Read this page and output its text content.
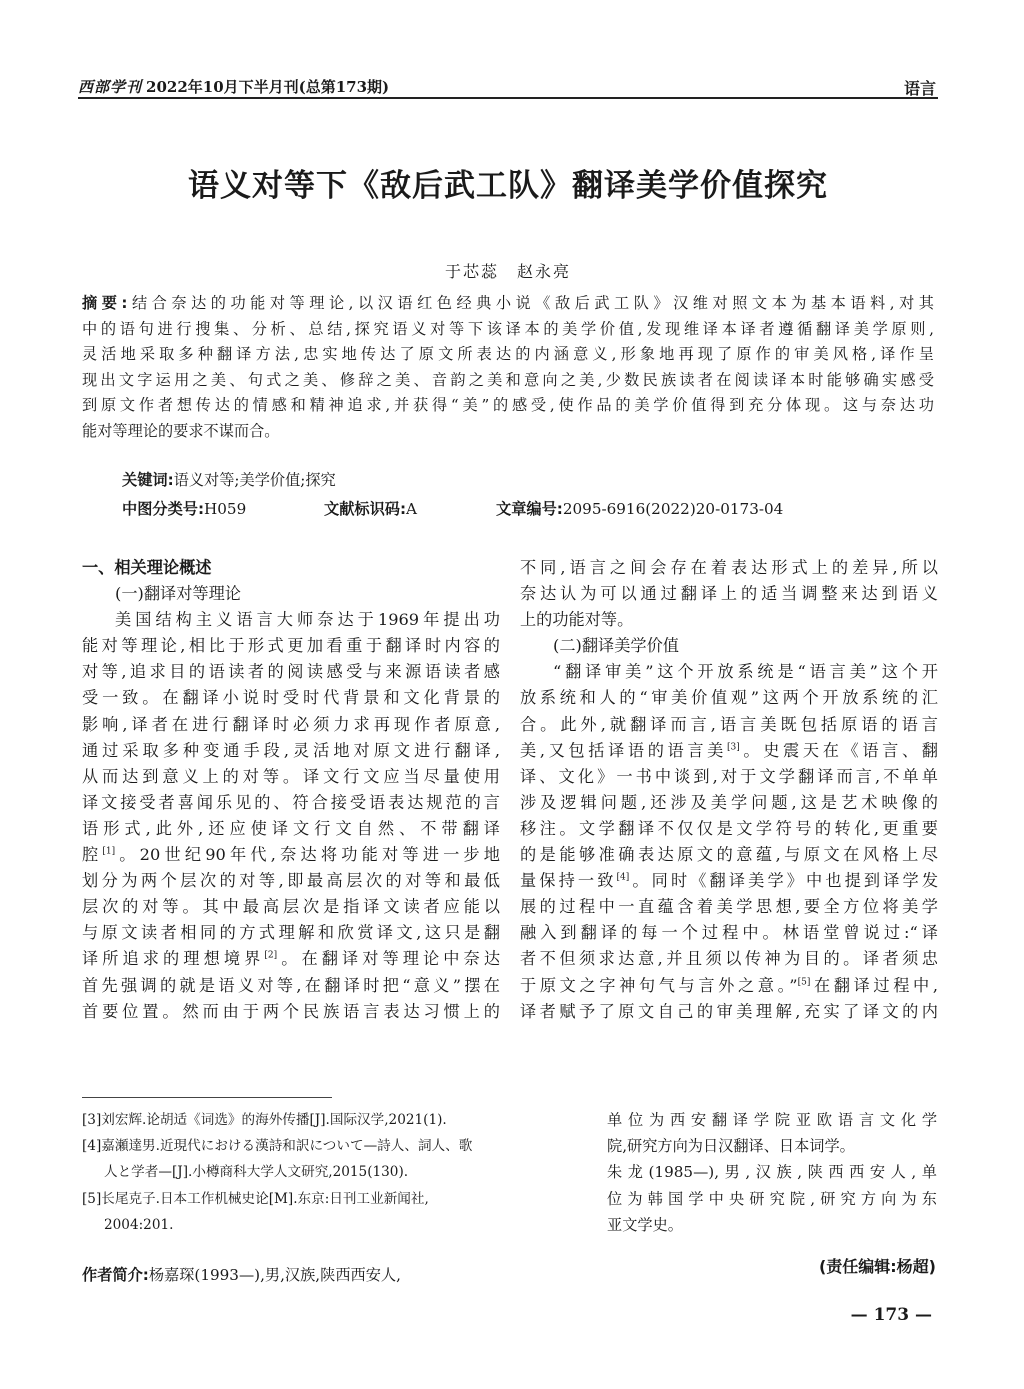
西部学刊 2022年10月下半月刊(总第173期)	语言
语义对等下《敌后武工队》翻译美学价值探究
于芯蕊　赵永亮
摘要:结合奈达的功能对等理论,以汉语红色经典小说《敌后武工队》汉维对照文本为基本语料,对其
中的语句进行搜集、分析、总结,探究语义对等下该译本的美学价值,发现维译本译者遵循翻译美学原则,
灵活地采取多种翻译方法,忠实地传达了原文所表达的内涵意义,形象地再现了原作的审美风格,译作呈
现出文字运用之美、句式之美、修辞之美、音韵之美和意向之美,少数民族读者在阅读译本时能够确实感受
到原文作者想传达的情感和精神追求,并获得“美”的感受,使作品的美学价值得到充分体现。这与奈达功
能对等理论的要求不谋而合。
关键词:语义对等;美学价值;探究
中图分类号:H059	文献标识码:A	文章编号:2095-6916(2022)20-0173-04
一、相关理论概述
(一)翻译对等理论
美国结构主义语言大师奈达于1969年提出功
能对等理论,相比于形式更加看重于翻译时内容的
对等,追求目的语读者的阅读感受与来源语读者感
受一致。在翻译小说时受时代背景和文化背景的
影响,译者在进行翻译时必须力求再现作者原意,
通过采取多种变通手段,灵活地对原文进行翻译,
从而达到意义上的对等。译文行文应当尽量使用
译文接受者喜闻乐见的、符合接受语表达规范的言
语形式,此外,还应使译文行文自然、不带翻译
腔[1]。20世纪90年代,奈达将功能对等进一步地
划分为两个层次的对等,即最高层次的对等和最低
层次的对等。其中最高层次是指译文读者应能以
与原文读者相同的方式理解和欣赏译文,这只是翻
译所追求的理想境界[2]。在翻译对等理论中奈达
首先强调的就是语义对等,在翻译时把“意义”摆在
首要位置。然而由于两个民族语言表达习惯上的
不同,语言之间会存在着表达形式上的差异,所以
奈达认为可以通过翻译上的适当调整来达到语义
上的功能对等。
(二)翻译美学价值
“翻译审美”这个开放系统是“语言美”这个开
放系统和人的“审美价值观”这两个开放系统的汇
合。此外,就翻译而言,语言美既包括原语的语言
美,又包括译语的语言美[3]。史震天在《语言、翻
译、文化》一书中谈到,对于文学翻译而言,不单单
涉及逻辑问题,还涉及美学问题,这是艺术映像的
移注。文学翻译不仅仅是文学符号的转化,更重要
的是能够准确表达原文的意蕴,与原文在风格上尽
量保持一致[4]。同时《翻译美学》中也提到译学发
展的过程中一直蕴含着美学思想,要全方位将美学
融入到翻译的每一个过程中。林语堂曾说过:“译
者不但须求达意,并且须以传神为目的。译者须忠
于原文之字神句气与言外之意。”[5]在翻译过程中,
译者赋予了原文自己的审美理解,充实了译文的内
[3]刘宏辉.论胡适《词选》的海外传播[J].国际汉学,2021(1).
[4]嘉瀬達男.近現代における漢詩和訳について—詩人、詞人、歌
人と学者—[J].小樽商科大学人文研究,2015(130).
[5]长尾克子.日本工作机械史论[M].东京:日刊工业新闻社,
2004:201.
作者简介:杨嘉琛(1993—),男,汉族,陕西西安人,
单位为西安翻译学院亚欧语言文化学
院,研究方向为日汉翻译、日本词学。
朱龙(1985—),男,汉族,陕西西安人,单
位为韩国学中央研究院,研究方向为东
亚文学史。
(责任编辑:杨超)
— 173 —
